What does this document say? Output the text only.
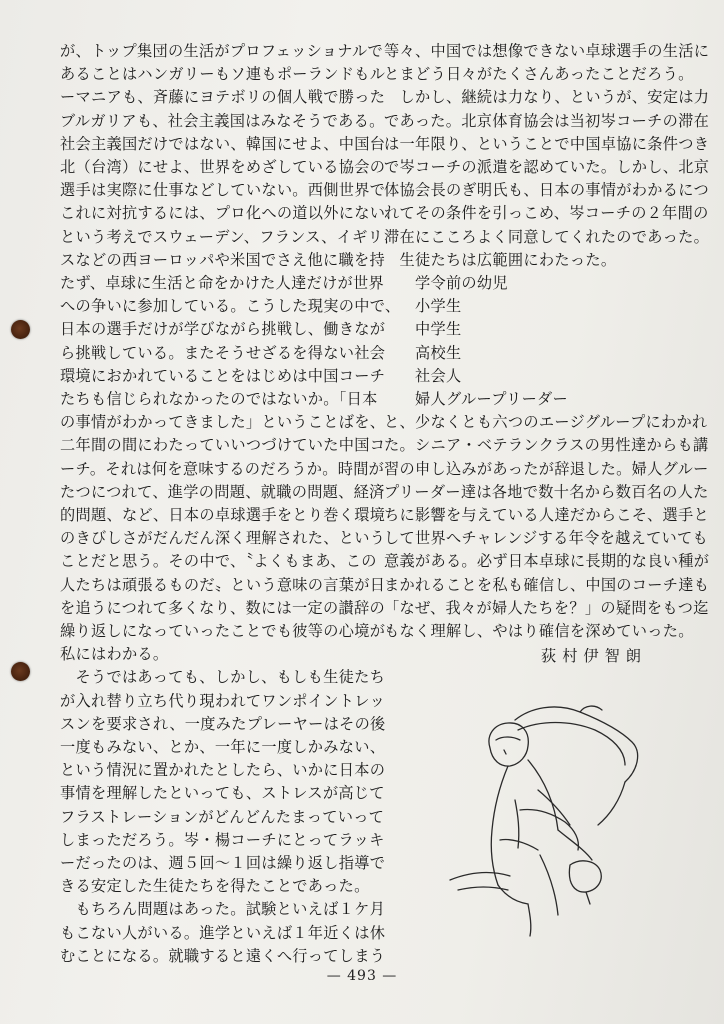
が、トップ集団の生活がプロフェッショナルで
あることはハンガリーもソ連もポーランドもル
ーマニアも、斉藤にヨテボリの個人戦で勝った
ブルガリアも、社会主義国はみなそうである。
社会主義国だけではない、韓国にせよ、中国台
北（台湾）にせよ、世界をめざしている協会の
選手は実際に仕事などしていない。西側世界で
これに対抗するには、プロ化への道以外にない
という考えでスウェーデン、フランス、イギリ
スなどの西ヨーロッパや米国でさえ他に職を持
たず、卓球に生活と命をかけた人達だけが世界
への争いに参加している。こうした現実の中で、
日本の選手だけが学びながら挑戦し、働きなが
ら挑戦している。またそうせざるを得ない社会
環境におかれていることをはじめは中国コーチ
たちも信じられなかったのではないか。「日本
の事情がわかってきました」ということばを、
二年間の間にわたっていいつづけていた中国コ
ーチ。それは何を意味するのだろうか。時間が
たつにつれて、進学の問題、就職の問題、経済
的問題、など、日本の卓球選手をとり巻く環境
のきびしさがだんだん深く理解された、という
ことだと思う。その中で、〝よくもまあ、この
人たちは頑張るものだ〟という意味の言葉が日
を追うにつれて多くなり、数には一定の讃辞の
繰り返しになっていったことでも彼等の心境が
私にはわかる。
　そうではあっても、しかし、もしも生徒たち
が入れ替り立ち代り現われてワンポイントレッ
スンを要求され、一度みたプレーヤーはその後
一度もみない、とか、一年に一度しかみない、
という情況に置かれたとしたら、いかに日本の
事情を理解したといっても、ストレスが高じて
フラストレーションがどんどんたまっていって
しまっただろう。岑・楊コーチにとってラッキ
ーだったのは、週５回〜１回は繰り返し指導で
きる安定した生徒たちを得たことであった。
　もちろん問題はあった。試験といえば１ケ月
もこない人がいる。進学といえば１年近くは休
むことになる。就職すると遠くへ行ってしまう
等々、中国では想像できない卓球選手の生活に
とまどう日々がたくさんあったことだろう。
　しかし、継続は力なり、というが、安定は力
であった。北京体育協会は当初岑コーチの滞在
は一年限り、ということで中国卓協に条件つき
で岑コーチの派遣を認めていた。しかし、北京
体協会長のぎ明氏も、日本の事情がわかるにつ
れてその条件を引っこめ、岑コーチの２年間の
滞在にこころよく同意してくれたのであった。
　生徒たちは広範囲にわたった。
　　学令前の幼児
　　小学生
　　中学生
　　高校生
　　社会人
　　婦人グループリーダー
と、少なくとも六つのエージグループにわかれ
た。シニア・ベテランクラスの男性達からも講
習の申し込みがあったが辞退した。婦人グルー
プリーダー達は各地で数十名から数百名の人た
ちに影響を与えている人達だからこそ、選手と
して世界へチャレンジする年令を越えていても
意義がある。必ず日本卓球に長期的な良い種が
まかれることを私も確信し、中国のコーチ達も
「なぜ、我々が婦人たちを？」の疑問をもつ迄
もなく理解し、やはり確信を深めていった。
荻村伊智朗
— 493 —
